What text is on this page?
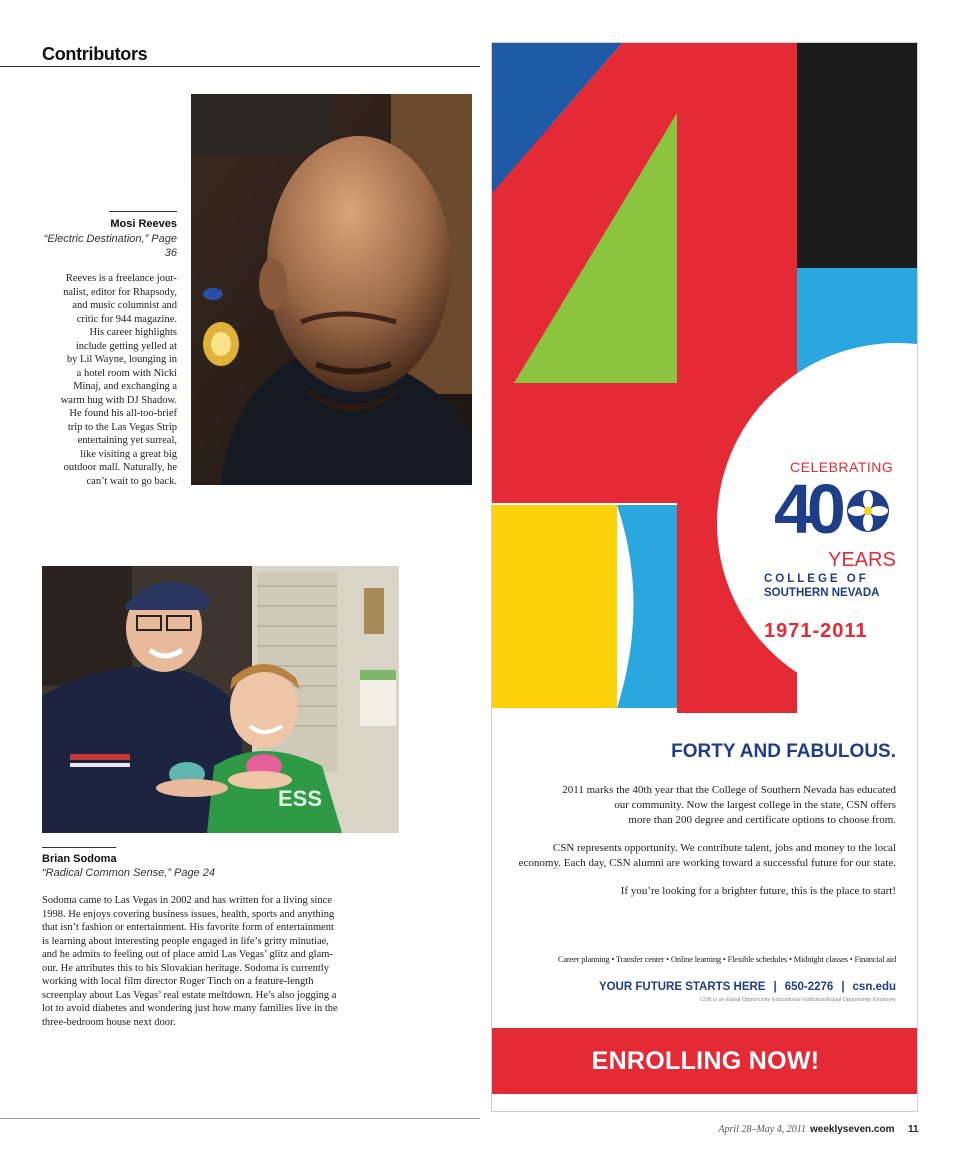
Contributors
Mosi Reeves
“Electric Destination,” Page 36
Reeves is a freelance jour-
nalist, editor for Rhapsody,
and music columnist and
critic for 944 magazine.
His career highlights
include getting yelled at
by Lil Wayne, lounging in
a hotel room with Nicki
Minaj, and exchanging a
warm hug with DJ Shadow.
He found his all-too-brief
trip to the Las Vegas Strip
entertaining yet surreal,
like visiting a great big
outdoor mall. Naturally, he
can’t wait to go back.
ESS
Brian Sodoma
“Radical Common Sense,” Page 24
Sodoma came to Las Vegas in 2002 and has written for a living since
1998. He enjoys covering business issues, health, sports and anything
that isn’t fashion or entertainment. His favorite form of entertainment
is learning about interesting people engaged in life’s gritty minutiae,
and he admits to feeling out of place amid Las Vegas’ glitz and glam-
our. He attributes this to his Slovakian heritage. Sodoma is currently
working with local film director Roger Tinch on a feature-length
screenplay about Las Vegas’ real estate meltdown. He’s also jogging a
lot to avoid diabetes and wondering just how many families live in the
three-bedroom house next door.
CELEBRATING
40
YEARS
COLLEGE OF
SOUTHERN NEVADA
1971-2011
FORTY AND FABULOUS.
2011 marks the 40th year that the College of Southern Nevada has educated
our community. Now the largest college in the state, CSN offers
more than 200 degree and certificate options to choose from.
CSN represents opportunity. We contribute talent, jobs and money to the local
economy. Each day, CSN alumni are working toward a successful future for our state.
If you’re looking for a brighter future, this is the place to start!
Career planning • Transfer center • Online learning • Flexible schedules • Midnight classes • Financial aid
YOUR FUTURE STARTS HERE | 650-2276 | csn.edu
CSN is an Equal Opportunity Educational Institution/Equal Opportunity Employer
ENROLLING NOW!
April 28–May 4, 2011 weeklyseven.com 11
